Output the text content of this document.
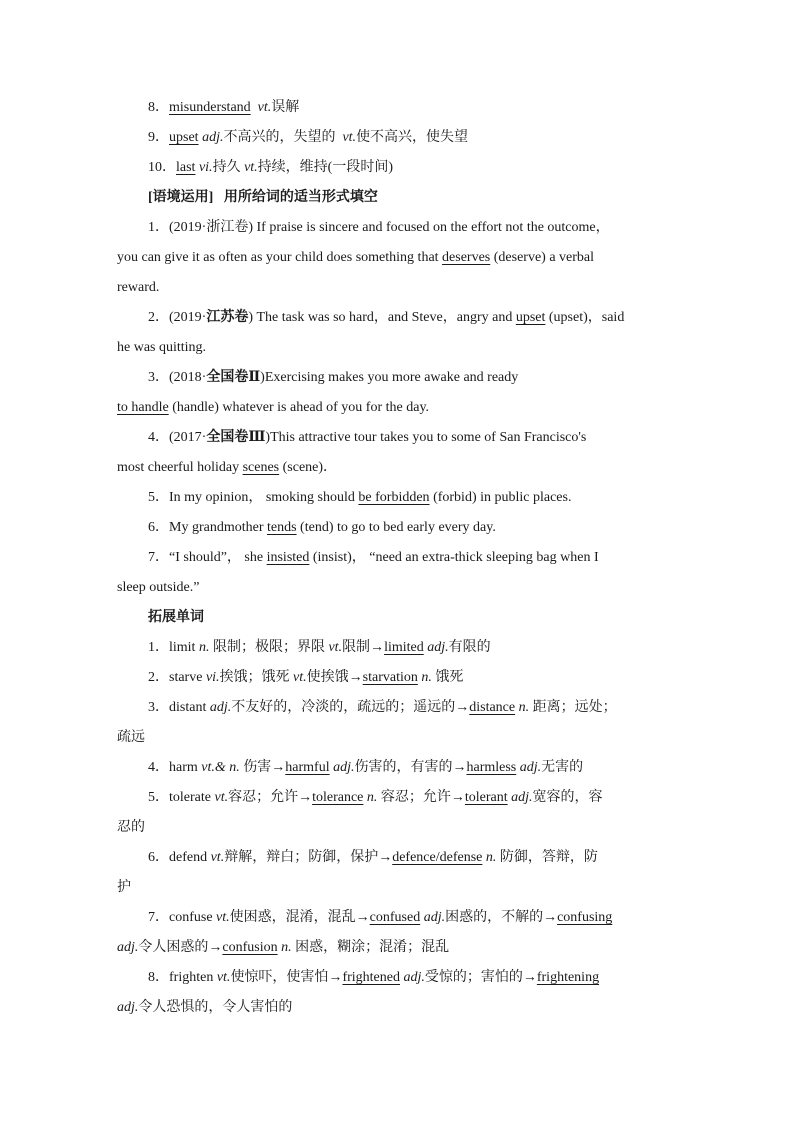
8．misunderstand vt.误解
9．upset adj.不高兴的，失望的 vt.使不高兴，使失望
10．last vi.持久 vt.持续，维持(一段时间)
[语境运用] 用所给词的适当形式填空
1．(2019·浙江卷) If praise is sincere and focused on the effort not the outcome，
you can give it as often as your child does something that deserves (deserve) a verbal
reward.
2．(2019·江苏卷) The task was so hard，and Steve，angry and upset (upset)，said
he was quitting.
3．(2018·全国卷Ⅱ)Exercising makes you more awake and ready
to handle (handle) whatever is ahead of you for the day.
4．(2017·全国卷Ⅲ)This attractive tour takes you to some of San Francisco's
most cheerful holiday scenes (scene)．
5．In my opinion， smoking should be forbidden (forbid) in public places.
6．My grandmother tends (tend) to go to bed early every day.
7．“I should”， she insisted (insist)， “need an extra-thick sleeping bag when I
sleep outside.”
拓展单词
1．limit n. 限制；极限；界限 vt.限制→limited adj.有限的
2．starve vi.挨饿；饿死 vt.使挨饿→starvation n. 饿死
3．distant adj.不友好的，冷淡的，疏远的；遥远的→distance n. 距离；远处；
疏远
4．harm vt.& n. 伤害→harmful adj.伤害的，有害的→harmless adj.无害的
5．tolerate vt.容忍；允许→tolerance n. 容忍；允许→tolerant adj.宽容的，容
忍的
6．defend vt.辩解，辩白；防御，保护→defence/defense n. 防御，答辩，防
护
7．confuse vt.使困惑，混淆，混乱→confused adj.困惑的，不解的→confusing
adj.令人困惑的→confusion n. 困惑，糊涂；混淆；混乱
8．frighten vt.使惊吓，使害怕→frightened adj.受惊的；害怕的→frightening
adj.令人恐惧的，令人害怕的
